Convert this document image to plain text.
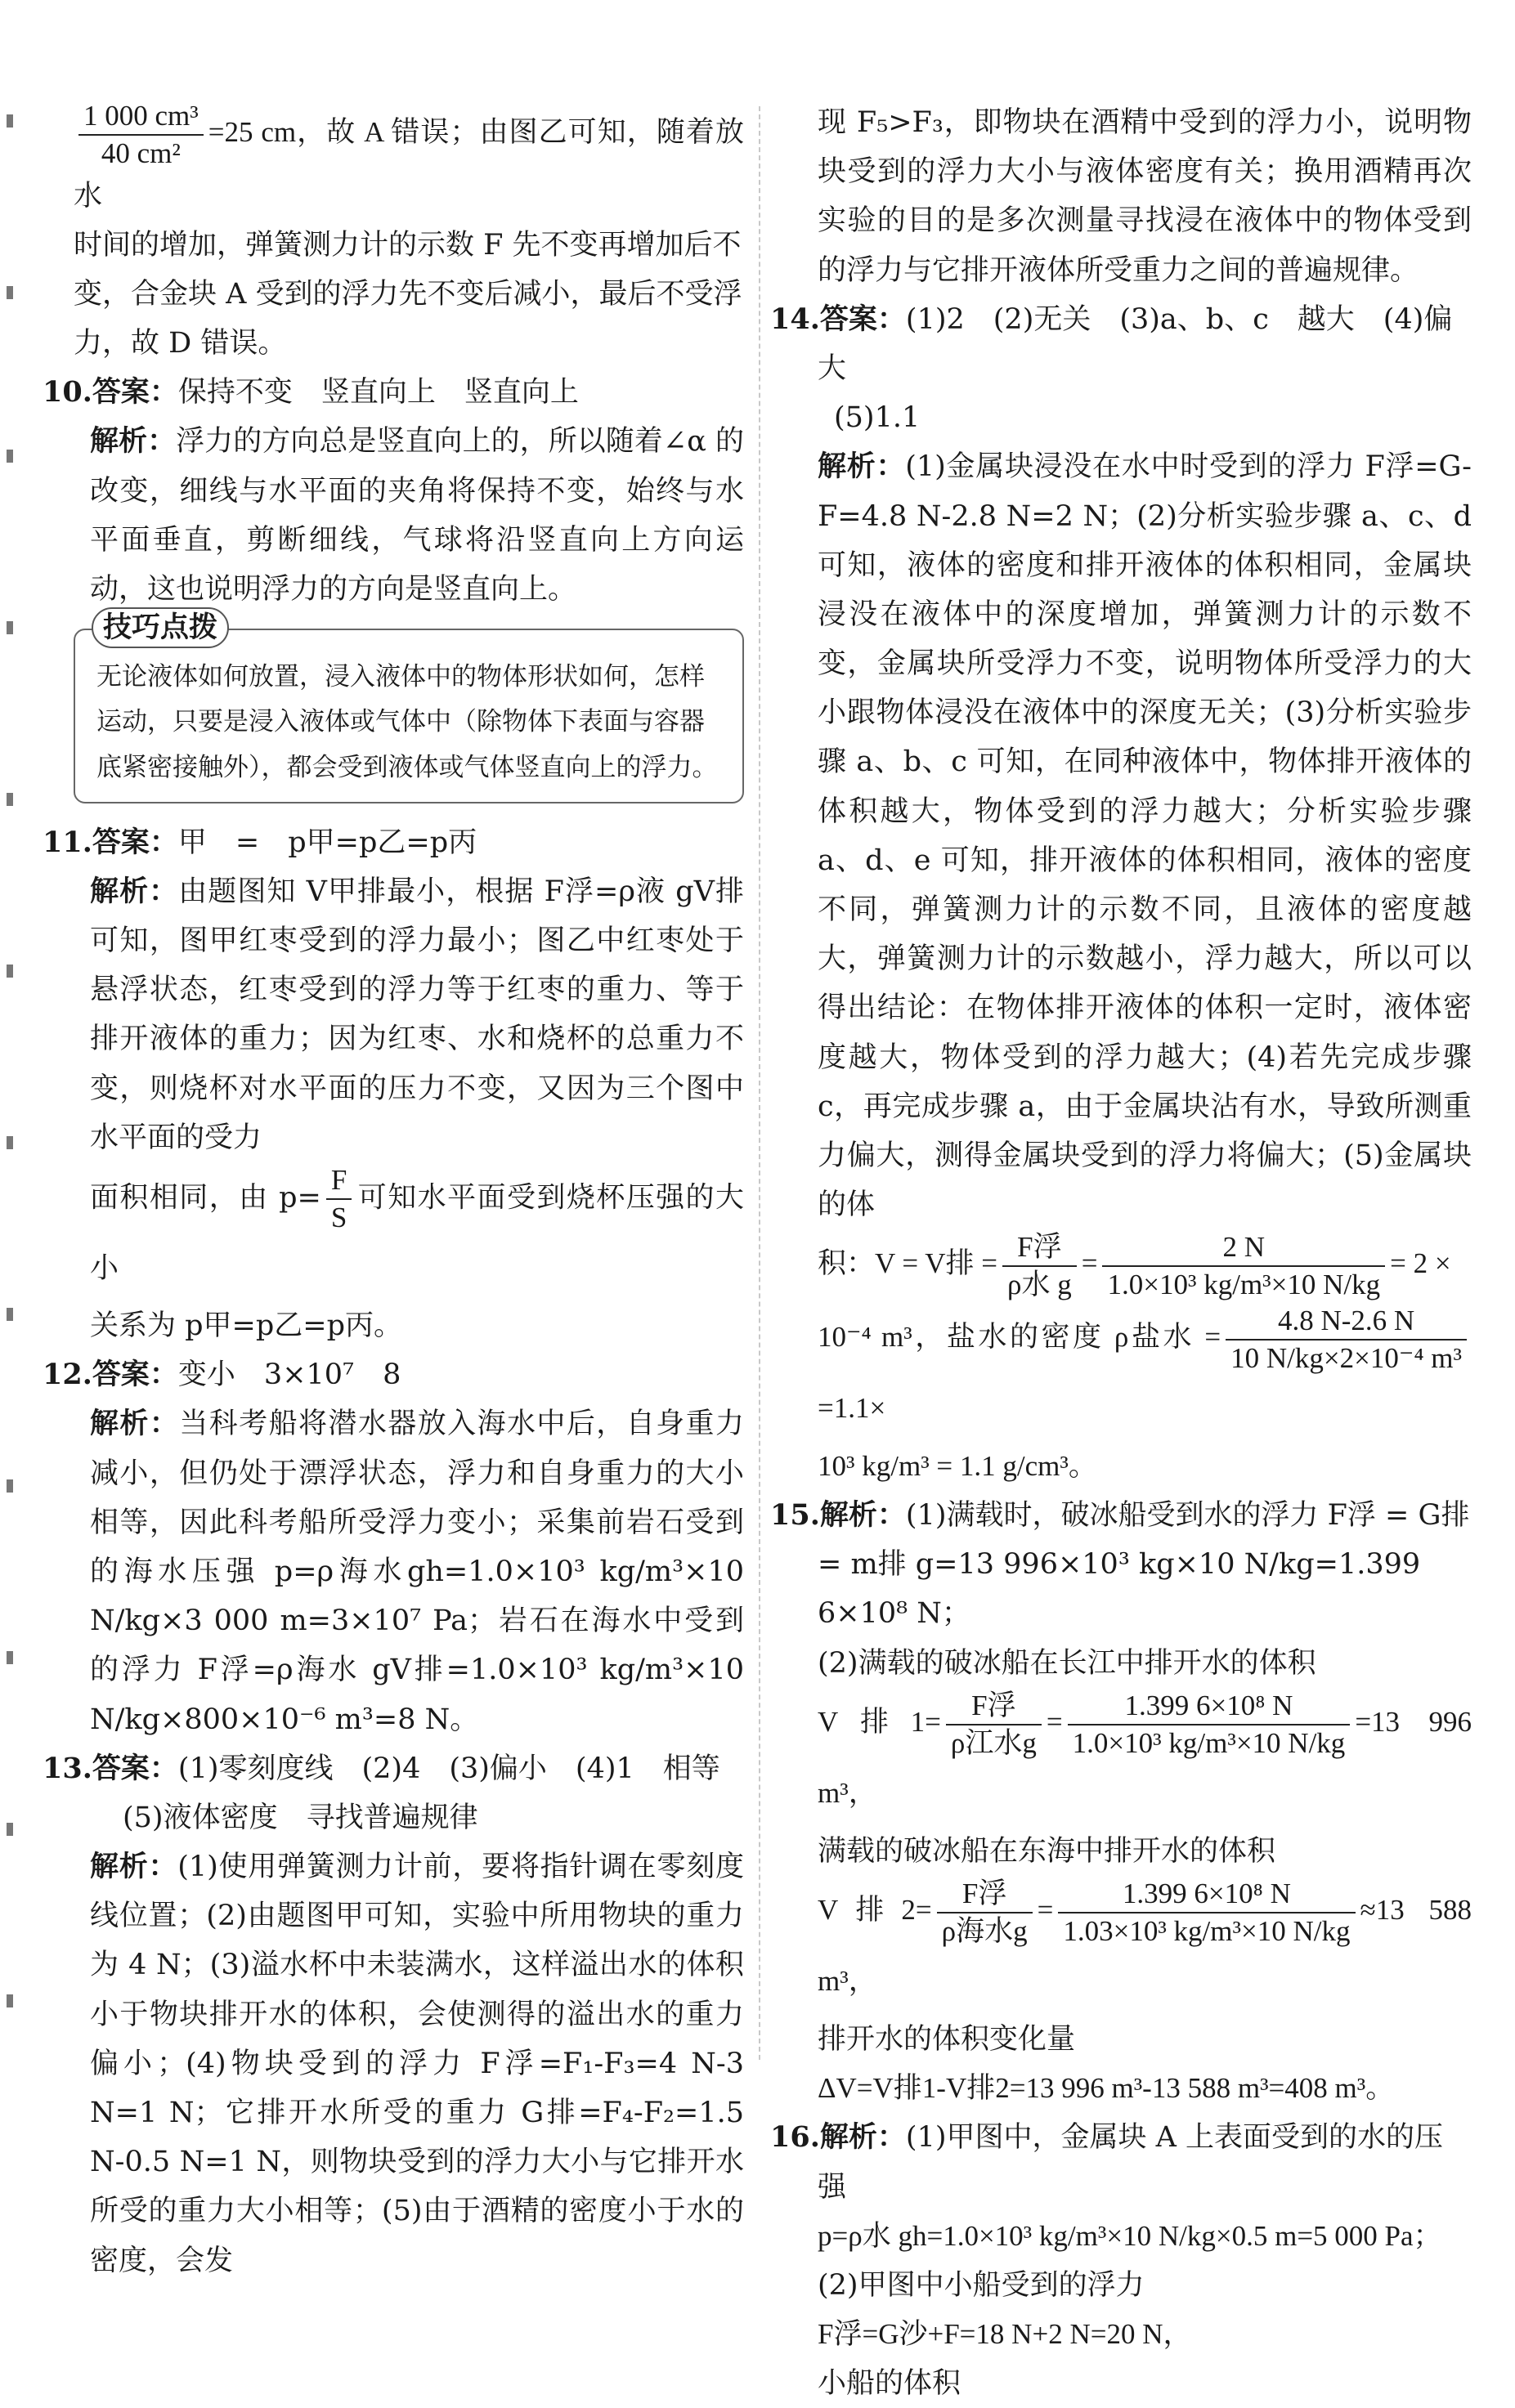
$\frac{\text{1 000 cm³}}{\text{40 cm²}} =25$ cm，故 A 错误；由图乙可知，随着放水

时间的增加，弹簧测力计的示数 F 先不变再增加后不

变，合金块 A 受到的浮力先不变后减小，最后不受浮

力，故 D 错误。

10.答案：保持不变　竖直向上　竖直向上

解析：浮力的方向总是竖直向上的，所以随着∠α 的改变，细线与水平面的夹角将保持不变，始终与水平面垂直，剪断细线，气球将沿竖直向上方向运动，这也说明浮力的方向是竖直向上。

技巧点拨
无论液体如何放置，浸入液体中的物体形状如何，怎样运动，只要是浸入液体或气体中（除物体下表面与容器底紧密接触外），都会受到液体或气体竖直向上的浮力。
11.答案：甲　=　p甲=p乙=p丙

解析：由题图知 V甲排最小，根据 F浮=ρ液 gV排 可知，图甲红枣受到的浮力最小；图乙中红枣处于悬浮状态，红枣受到的浮力等于红枣的重力、等于排开液体的重力；因为红枣、水和烧杯的总重力不变，则烧杯对水平面的压力不变，又因为三个图中水平面的受力

面积相同，由 $p= \frac{F}{S}$ 可知水平面受到烧杯压强的大小

关系为 p甲=p乙=p丙。

12.答案：变小　3×10⁷　8

解析：当科考船将潜水器放入海水中后，自身重力减小，但仍处于漂浮状态，浮力和自身重力的大小相等，因此科考船所受浮力变小；采集前岩石受到的海水压强 p=ρ海水gh=1.0×10³ kg/m³×10 N/kg×3 000 m=3×10⁷ Pa；岩石在海水中受到的浮力 F浮=ρ海水 gV排=1.0×10³ kg/m³×10 N/kg×800×10⁻⁶ m³=8 N。

13.答案：(1)零刻度线　(2)4　(3)偏小　(4)1　相等
(5)液体密度　寻找普遍规律

解析：(1)使用弹簧测力计前，要将指针调在零刻度线位置；(2)由题图甲可知，实验中所用物块的重力为 4 N；(3)溢水杯中未装满水，这样溢出水的体积小于物块排开水的体积，会使测得的溢出水的重力偏小；(4)物块受到的浮力 F浮=F₁-F₃=4 N-3 N=1 N；它排开水所受的重力 G排=F₄-F₂=1.5 N-0.5 N=1 N，则物块受到的浮力大小与它排开水所受的重力大小相等；(5)由于酒精的密度小于水的密度，会发

现 F₅>F₃，即物块在酒精中受到的浮力小，说明物块受到的浮力大小与液体密度有关；换用酒精再次实验的目的是多次测量寻找浸在液体中的物体受到的浮力与它排开液体所受重力之间的普遍规律。

14.答案：(1)2　(2)无关　(3)a、b、c　越大　(4)偏大
(5)1.1

解析：(1)金属块浸没在水中时受到的浮力 F浮=G-F=4.8 N-2.8 N=2 N；(2)分析实验步骤 a、c、d 可知，液体的密度和排开液体的体积相同，金属块浸没在液体中的深度增加，弹簧测力计的示数不变，金属块所受浮力不变，说明物体所受浮力的大小跟物体浸没在液体中的深度无关；(3)分析实验步骤 a、b、c 可知，在同种液体中，物体排开液体的体积越大，物体受到的浮力越大；分析实验步骤 a、d、e 可知，排开液体的体积相同，液体的密度不同，弹簧测力计的示数不同，且液体的密度越大，弹簧测力计的示数越小，浮力越大，所以可以得出结论：在物体排开液体的体积一定时，液体密度越大，物体受到的浮力越大；(4)若先完成步骤 c，再完成步骤 a，由于金属块沾有水，导致所测重力偏大，测得金属块受到的浮力将偏大；(5)金属块的体

积：V = V排 = $\frac{\text{F浮}}{\text{ρ水 g}} = \frac{2 N}{\text{1.0×10³ kg/m³×10 N/kg}} = 2$ ×

10⁻⁴ m³，盐水的密度 ρ盐水 = $\frac{4.8 N-2.6 N}{\text{10 N/kg×2×10⁻⁴ m³}}$
=1.1×

10³ kg/m³ = 1.1 g/cm³。

15.解析：(1)满载时，破冰船受到水的浮力 F浮 = G排 = m排 g=13 996×10³ kg×10 N/kg=1.399 6×10⁸ N；

(2)满载的破冰船在长江中排开水的体积

V排$1= \frac{\text{F浮}}{\text{ρ江水g}} = \frac{\text{1.399 6×10⁸ N}}{\text{1.0×10³ kg/m³×10 N/kg}} =13$ 996 m³，

满载的破冰船在东海中排开水的体积

V排$2= \frac{\text{F浮}}{\text{ρ海水g}} = \frac{\text{1.399 6×10⁸ N}}{\text{1.03×10³ kg/m³×10 N/kg}} \approx 13$ 588 m³，

排开水的体积变化量

ΔV=V排1-V排2=13 996 m³-13 588 m³=408 m³。

16.解析：(1)甲图中，金属块 A 上表面受到的水的压强

p=ρ水 gh=1.0×10³ kg/m³×10 N/kg×0.5 m=5 000 Pa；

(2)甲图中小船受到的浮力

F浮=G沙+F=18 N+2 N=20 N，

小船的体积
